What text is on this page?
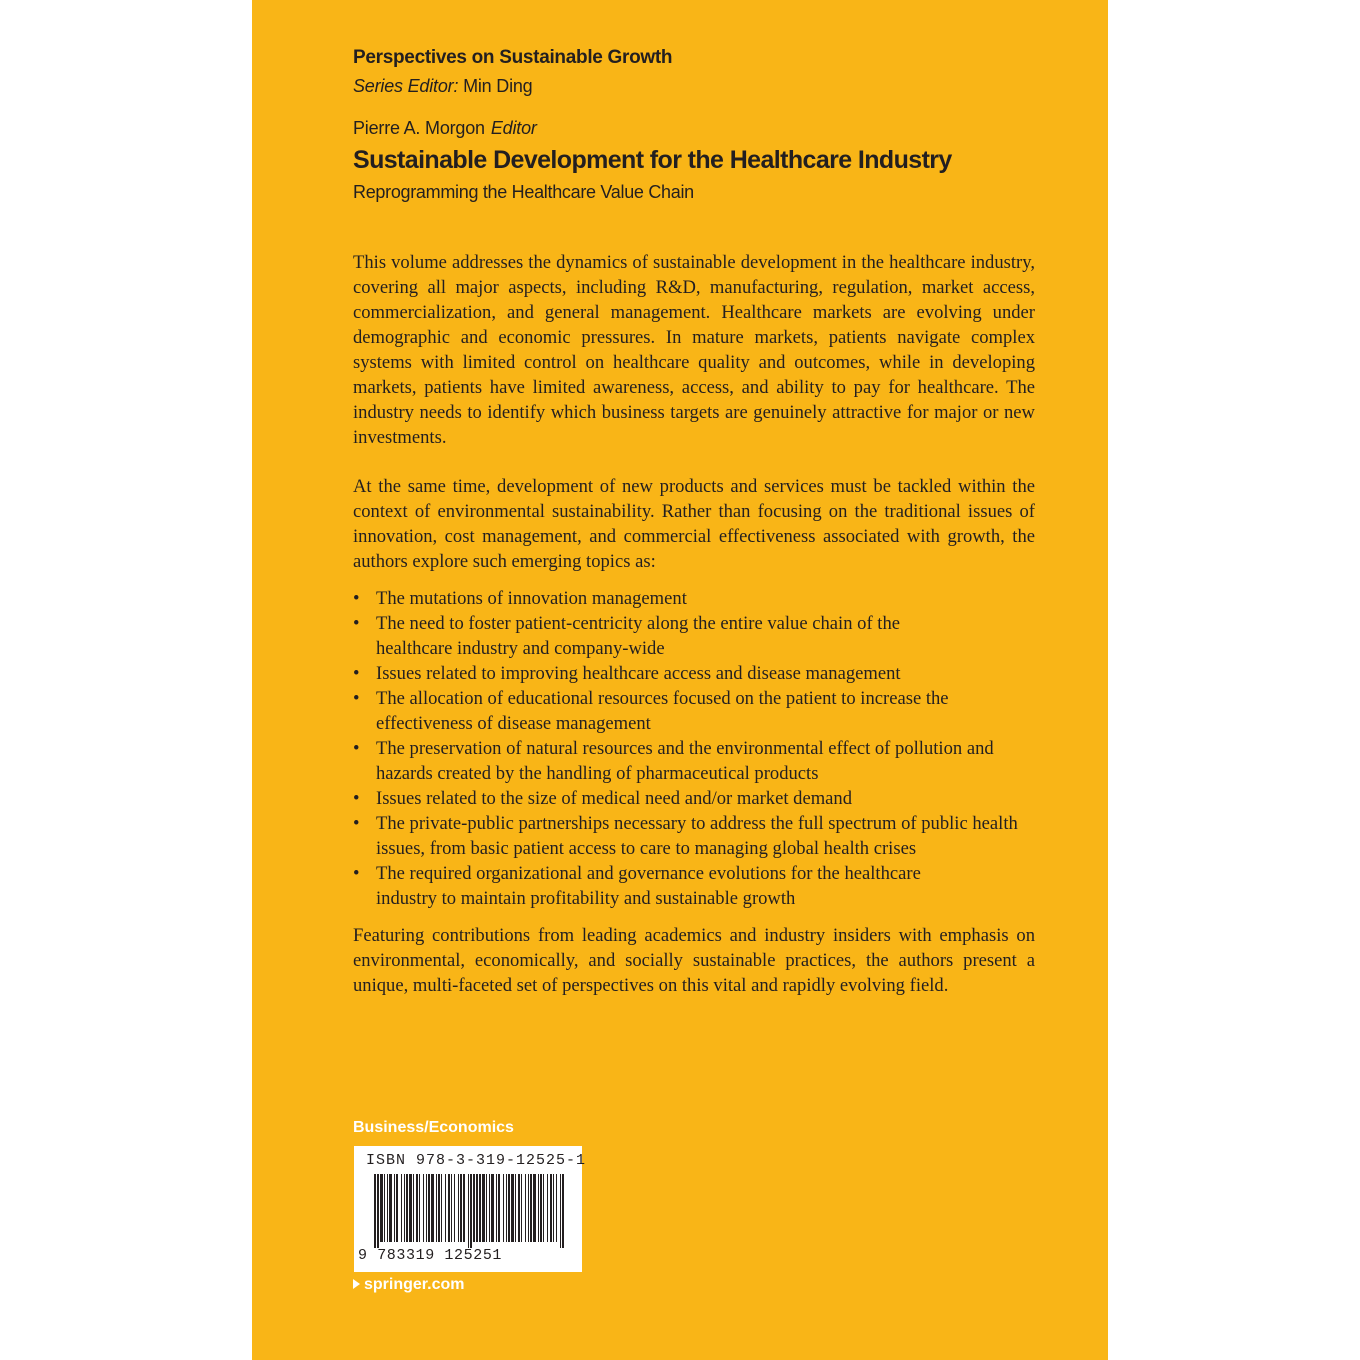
Perspectives on Sustainable Growth
Series Editor: Min Ding
Pierre A. Morgon Editor
Sustainable Development for the Healthcare Industry
Reprogramming the Healthcare Value Chain

This volume addresses the dynamics of sustainable development in the healthcare industry, covering all major aspects, including R&D, manufacturing, regulation, market access, commercialization, and general management. Healthcare markets are evolving under demographic and economic pressures. In mature markets, patients navigate complex systems with limited control on healthcare quality and outcomes, while in developing markets, patients have limited awareness, access, and ability to pay for healthcare. The industry needs to identify which business targets are genuinely attractive for major or new investments.

At the same time, development of new products and services must be tackled within the context of environmental sustainability. Rather than focusing on the traditional issues of innovation, cost management, and commercial effectiveness associated with growth, the authors explore such emerging topics as:

• The mutations of innovation management
• The need to foster patient-centricity along the entire value chain of the healthcare industry and company-wide
• Issues related to improving healthcare access and disease management
• The allocation of educational resources focused on the patient to increase the effectiveness of disease management
• The preservation of natural resources and the environmental effect of pollution and hazards created by the handling of pharmaceutical products
• Issues related to the size of medical need and/or market demand
• The private-public partnerships necessary to address the full spectrum of public health issues, from basic patient access to care to managing global health crises
• The required organizational and governance evolutions for the healthcare industry to maintain profitability and sustainable growth

Featuring contributions from leading academics and industry insiders with emphasis on environmental, economically, and socially sustainable practices, the authors present a unique, multi-faceted set of perspectives on this vital and rapidly evolving field.

Business/Economics
ISBN 978-3-319-12525-1
9 783319 125251
springer.com
